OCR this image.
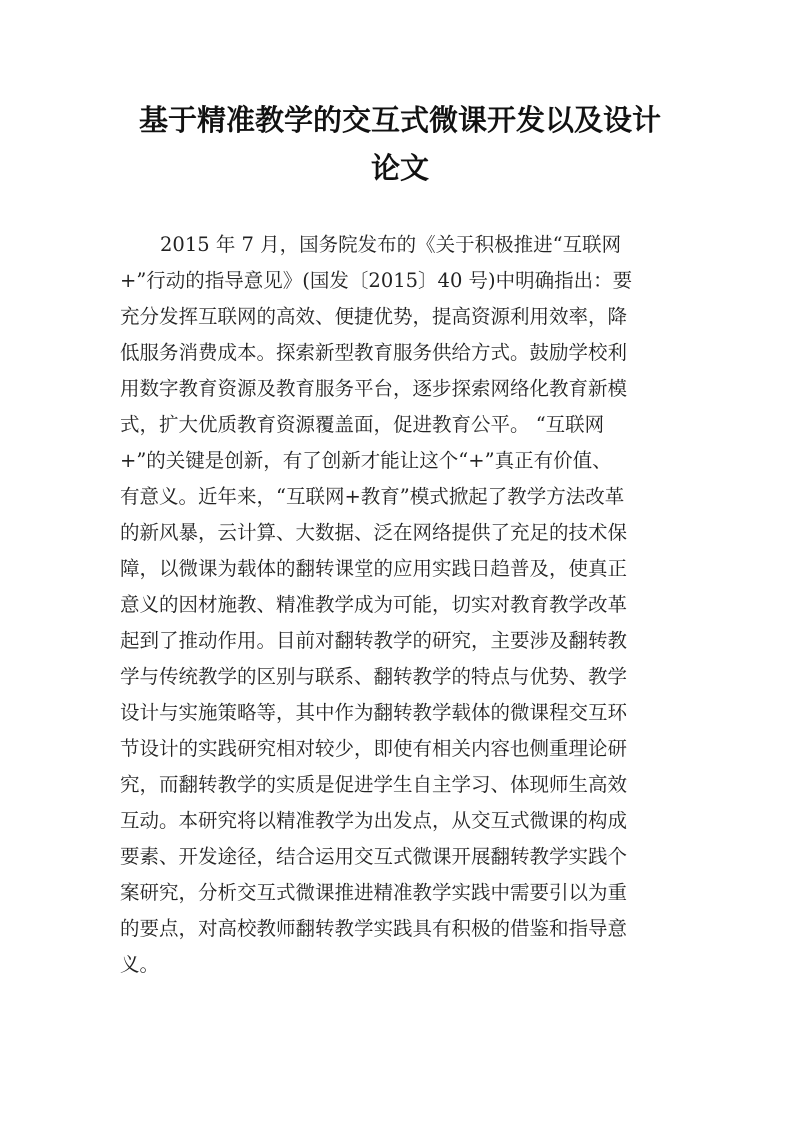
基于精准教学的交互式微课开发以及设计
论文
2015 年 7 月，国务院发布的《关于积极推进“互联网
+”行动的指导意见》(国发〔2015〕40 号)中明确指出：要
充分发挥互联网的高效、便捷优势，提高资源利用效率，降
低服务消费成本。探索新型教育服务供给方式。鼓励学校利
用数字教育资源及教育服务平台，逐步探索网络化教育新模
式，扩大优质教育资源覆盖面，促进教育公平。 “互联网
+”的关键是创新，有了创新才能让这个“+”真正有价值、
有意义。近年来，“互联网+教育”模式掀起了教学方法改革
的新风暴，云计算、大数据、泛在网络提供了充足的技术保
障，以微课为载体的翻转课堂的应用实践日趋普及，使真正
意义的因材施教、精准教学成为可能，切实对教育教学改革
起到了推动作用。目前对翻转教学的研究，主要涉及翻转教
学与传统教学的区别与联系、翻转教学的特点与优势、教学
设计与实施策略等，其中作为翻转教学载体的微课程交互环
节设计的实践研究相对较少，即使有相关内容也侧重理论研
究，而翻转教学的实质是促进学生自主学习、体现师生高效
互动。本研究将以精准教学为出发点，从交互式微课的构成
要素、开发途径，结合运用交互式微课开展翻转教学实践个
案研究，分析交互式微课推进精准教学实践中需要引以为重
的要点，对高校教师翻转教学实践具有积极的借鉴和指导意
义。
